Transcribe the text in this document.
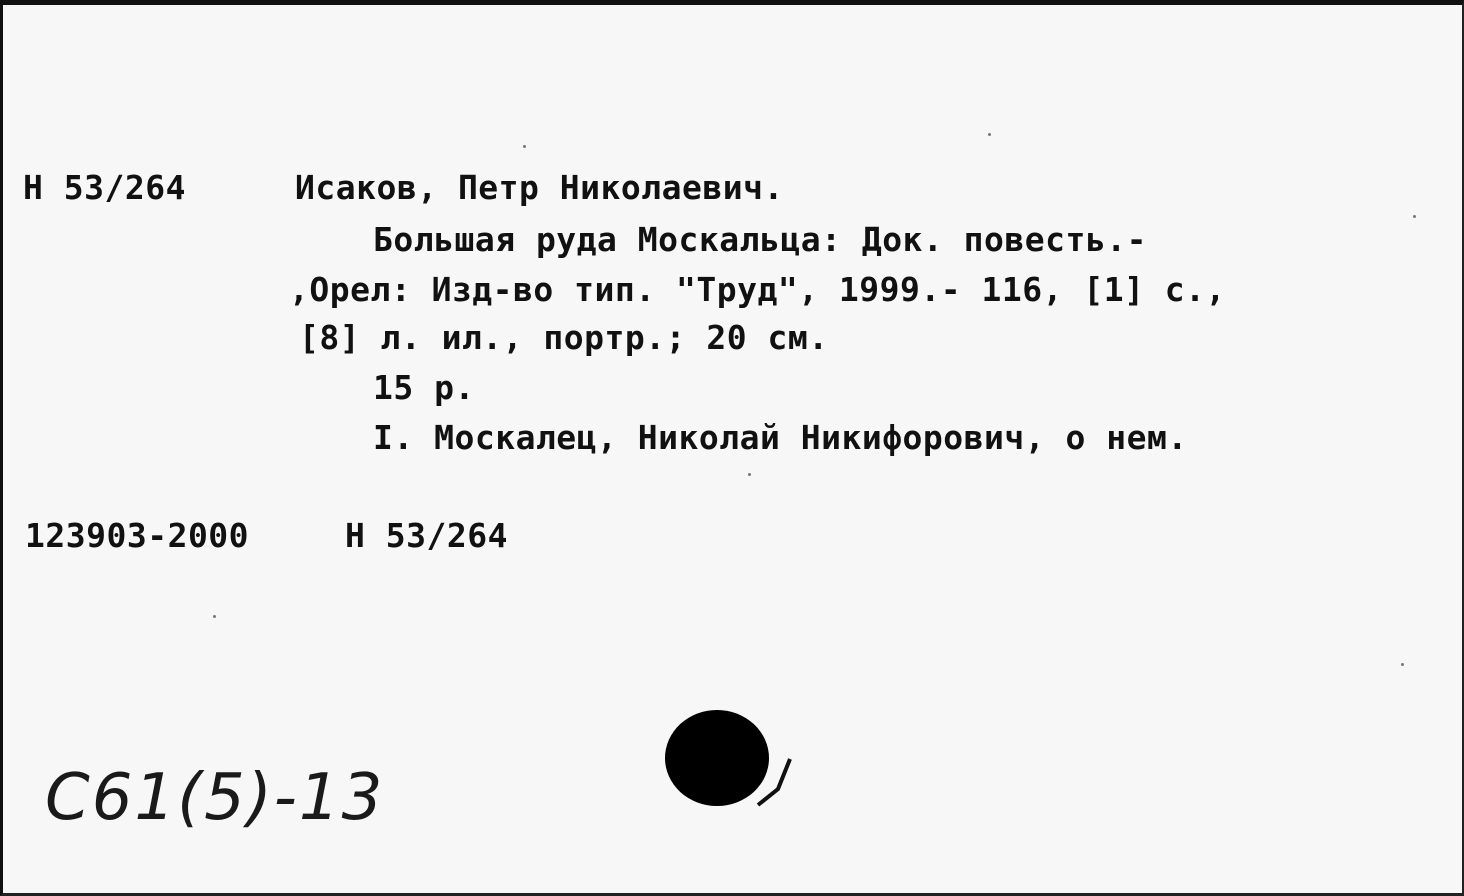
Н 53/264	Исаков, Петр Николаевич.
Большая руда Москальца: Док. повесть.-
‚Орел: Изд-во тип. "Труд", 1999.- 116, [1] с.,
[8] л. ил., портр.; 20 см.
15 р.
I. Москалец, Николай Никифорович, о нем.
123903-2000	Н 53/264
С61(5)-13
